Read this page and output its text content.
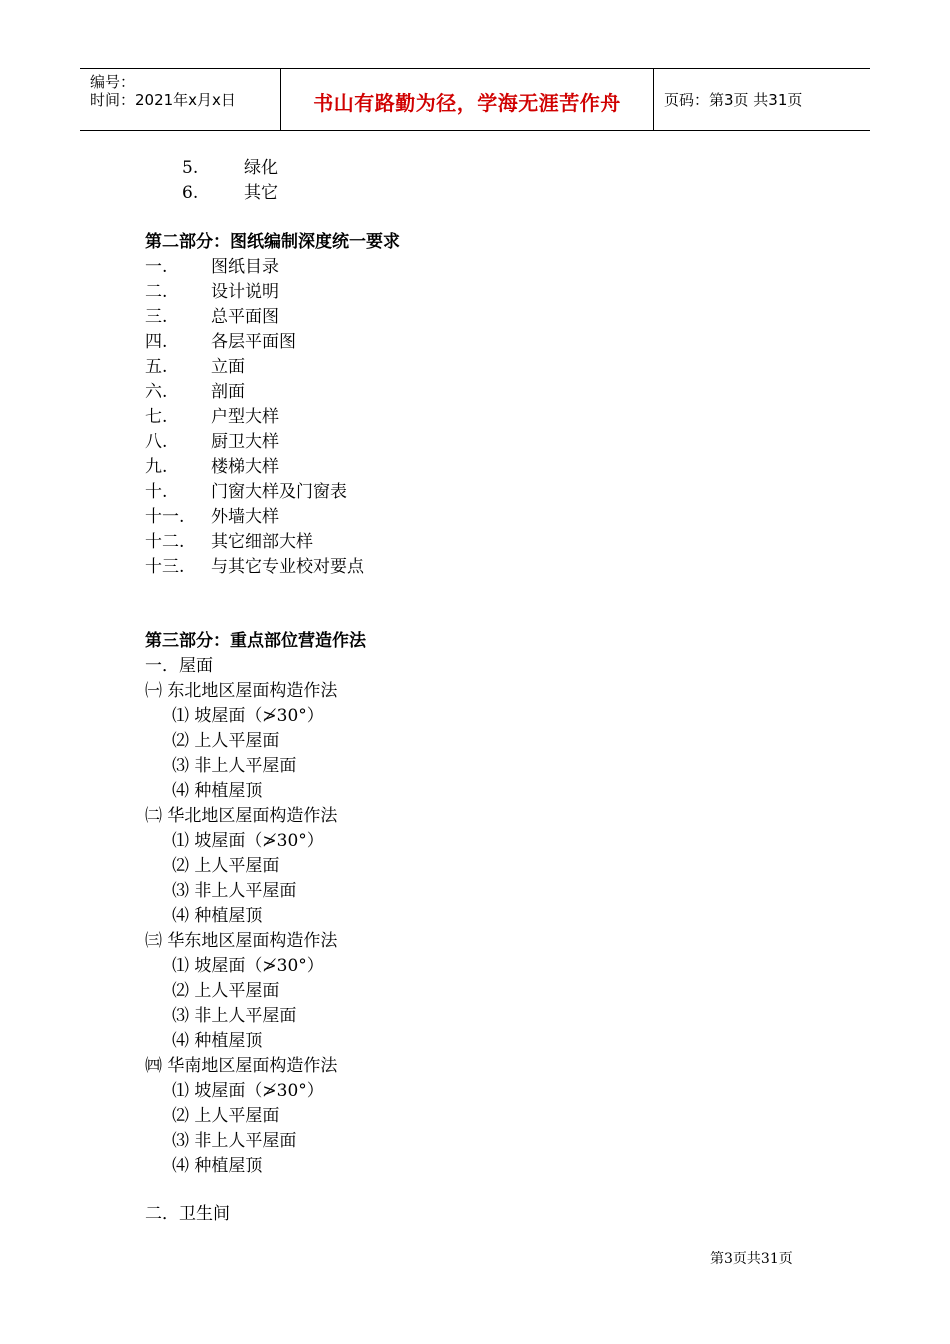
编号：
时间：2021年x月x日	书山有路勤为径，学海无涯苦作舟	页码：第3页 共31页
5.	绿化
6.	其它
第二部分：图纸编制深度统一要求
一.	图纸目录
二.	设计说明
三.	总平面图
四.	各层平面图
五.	立面
六.	剖面
七.	户型大样
八.	厨卫大样
九.	楼梯大样
十.	门窗大样及门窗表
十一. 外墙大样
十二. 其它细部大样
十三. 与其它专业校对要点
第三部分：重点部位营造作法
一．屋面
㈠ 东北地区屋面构造作法
⑴ 坡屋面（≯30°）
⑵ 上人平屋面
⑶ 非上人平屋面
⑷ 种植屋顶
㈡ 华北地区屋面构造作法
⑴ 坡屋面（≯30°）
⑵ 上人平屋面
⑶ 非上人平屋面
⑷ 种植屋顶
㈢ 华东地区屋面构造作法
⑴ 坡屋面（≯30°）
⑵ 上人平屋面
⑶ 非上人平屋面
⑷ 种植屋顶
㈣ 华南地区屋面构造作法
⑴ 坡屋面（≯30°）
⑵ 上人平屋面
⑶ 非上人平屋面
⑷ 种植屋顶
二．卫生间
第3页共31页
